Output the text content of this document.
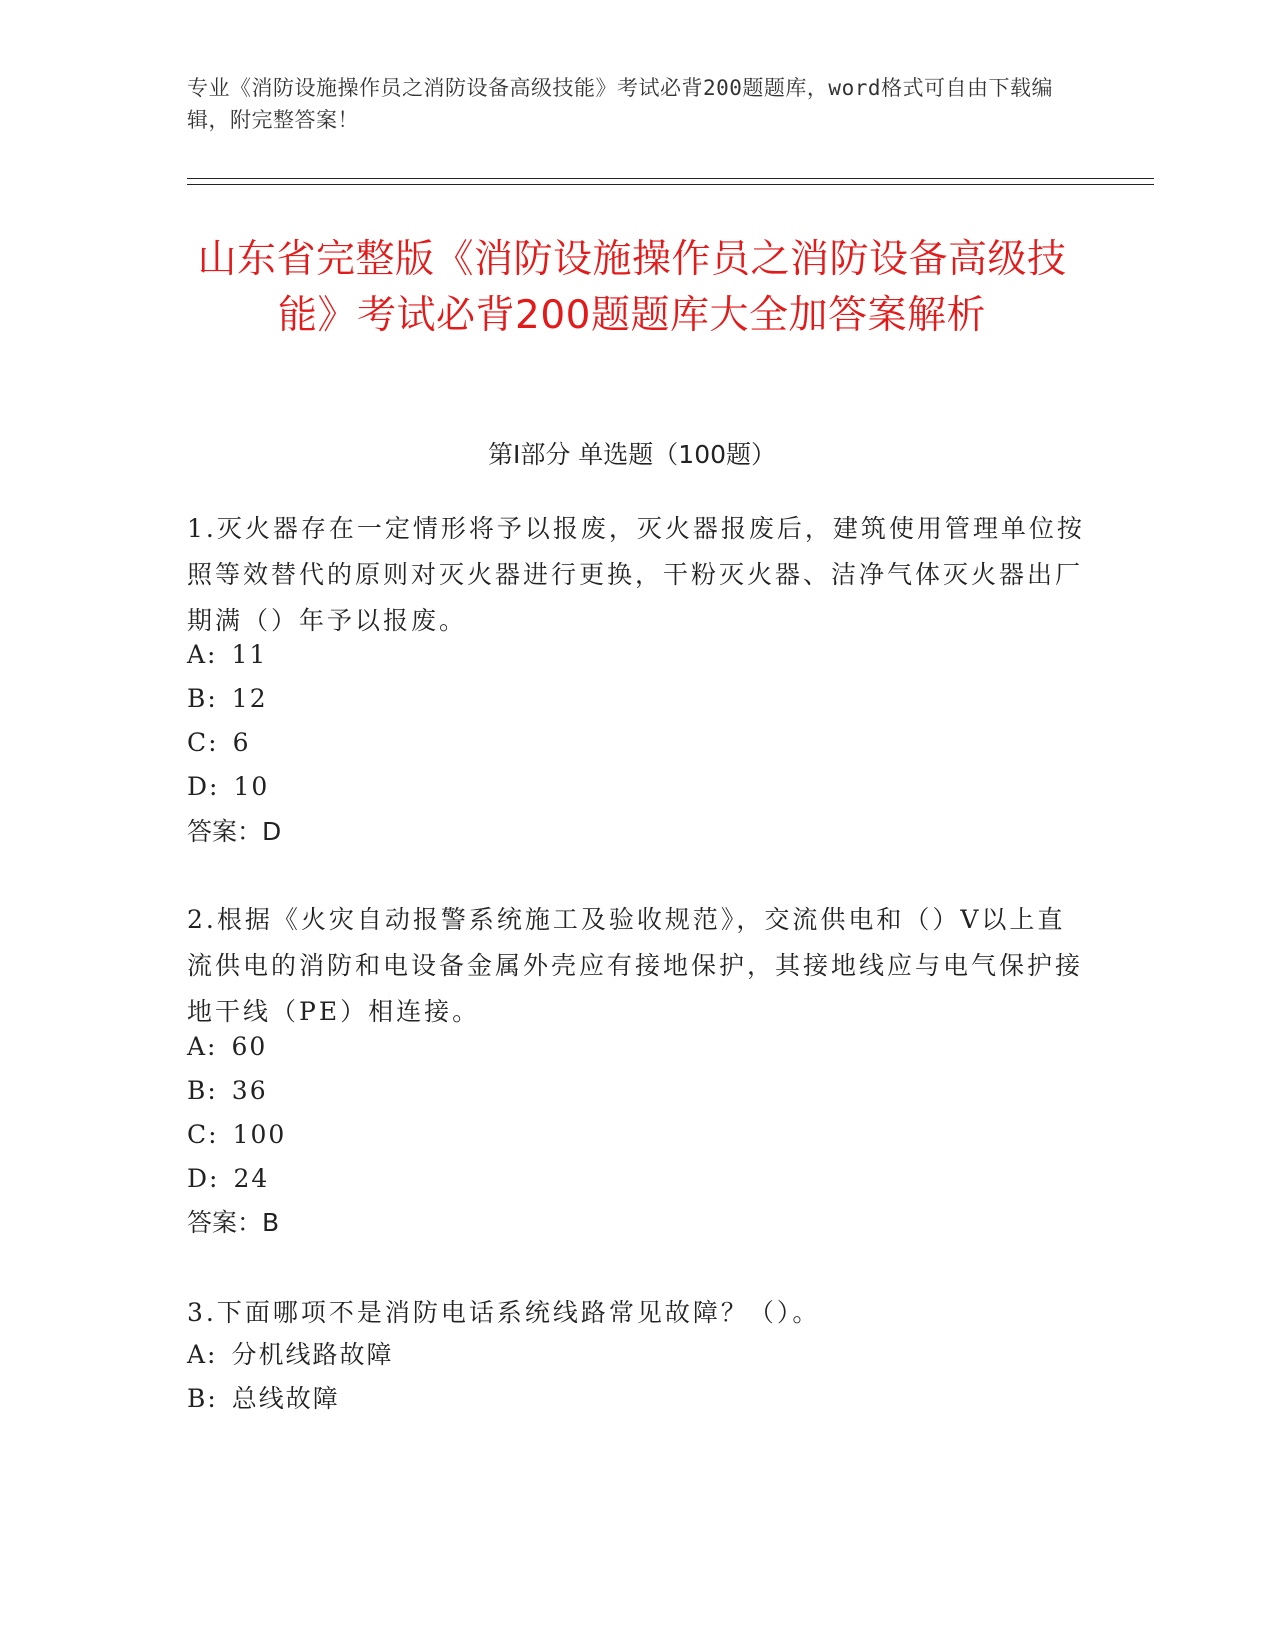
专业《消防设施操作员之消防设备高级技能》考试必背200题题库，word格式可自由下载编辑，附完整答案！
山东省完整版《消防设施操作员之消防设备高级技能》考试必背200题题库大全加答案解析
第I部分 单选题（100题）
1.灭火器存在一定情形将予以报废，灭火器报废后，建筑使用管理单位按照等效替代的原则对灭火器进行更换，干粉灭火器、洁净气体灭火器出厂期满（）年予以报废。
A: 11
B: 12
C: 6
D: 10
答案：D
2.根据《火灾自动报警系统施工及验收规范》，交流供电和（）V以上直流供电的消防和电设备金属外壳应有接地保护，其接地线应与电气保护接地干线（PE）相连接。
A: 60
B: 36
C: 100
D: 24
答案：B
3.下面哪项不是消防电话系统线路常见故障？（）。
A: 分机线路故障
B: 总线故障
